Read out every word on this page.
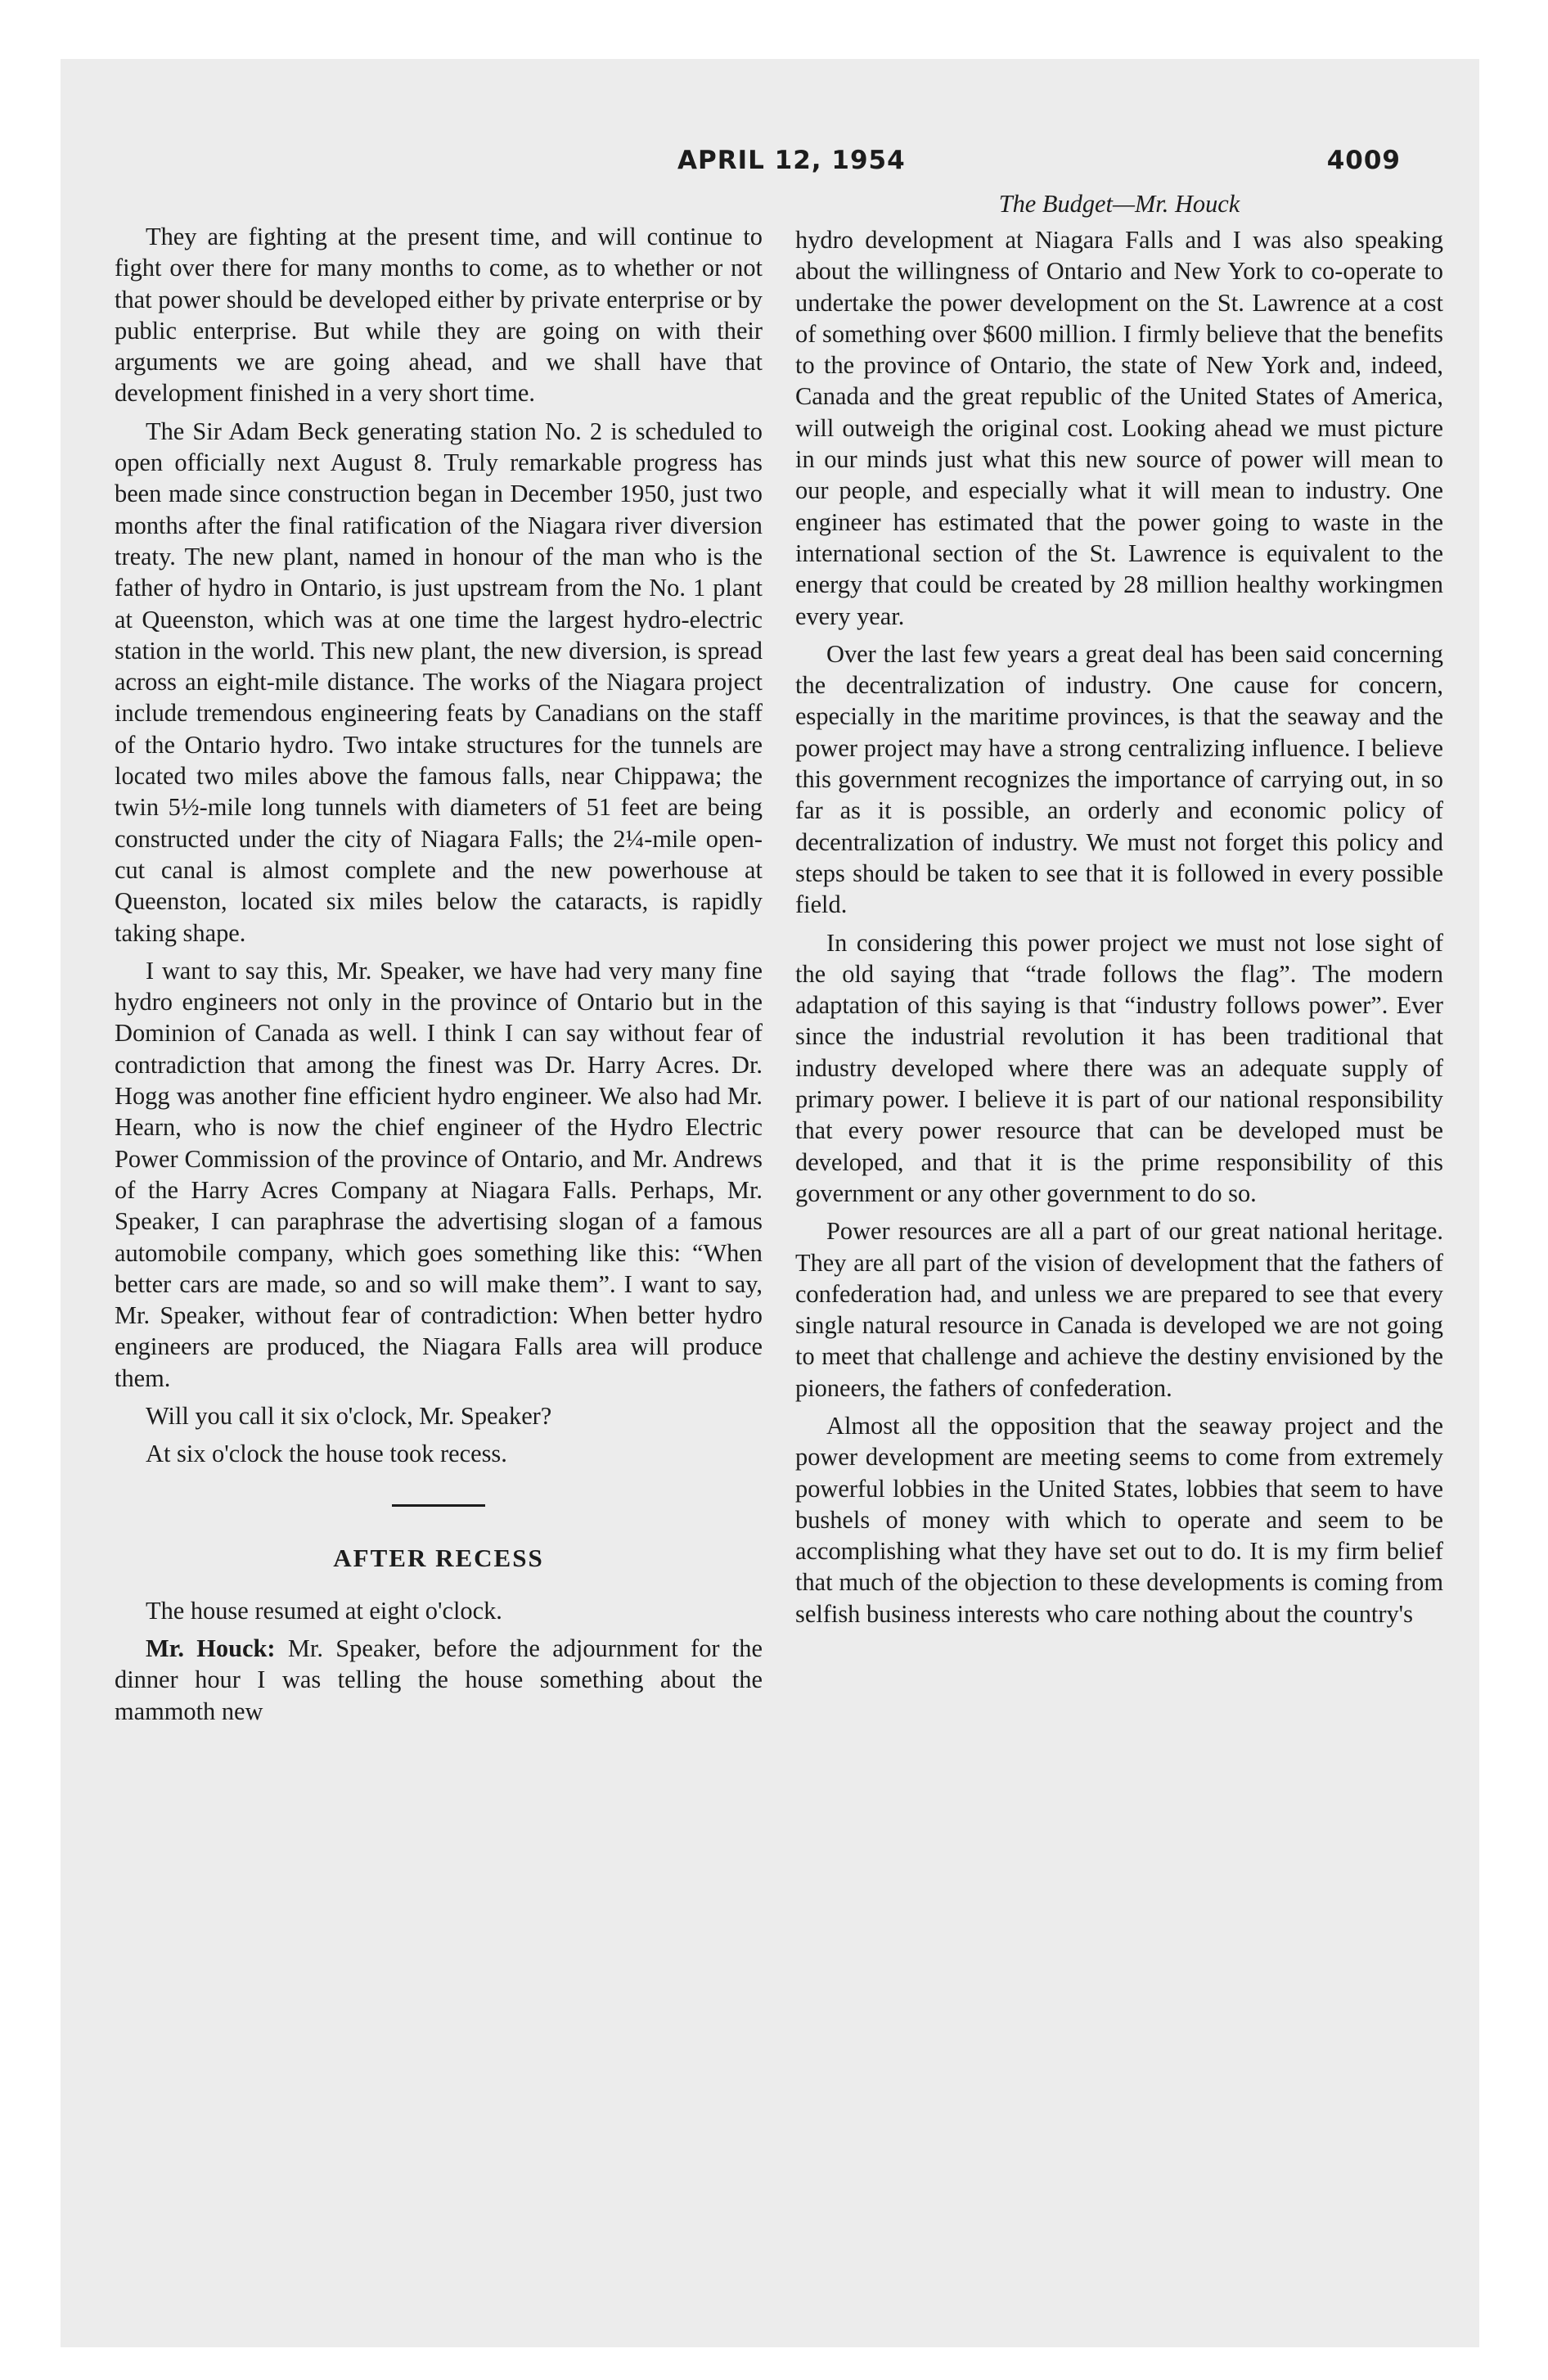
APRIL 12, 1954	4009

They are fighting at the present time, and will continue to fight over there for many months to come, as to whether or not that power should be developed either by private enterprise or by public enterprise. But while they are going on with their arguments we are going ahead, and we shall have that development finished in a very short time.

The Sir Adam Beck generating station No. 2 is scheduled to open officially next August 8. Truly remarkable progress has been made since construction began in December 1950, just two months after the final ratification of the Niagara river diversion treaty. The new plant, named in honour of the man who is the father of hydro in Ontario, is just upstream from the No. 1 plant at Queenston, which was at one time the largest hydro-electric station in the world. This new plant, the new diversion, is spread across an eight-mile distance. The works of the Niagara project include tremendous engineering feats by Canadians on the staff of the Ontario hydro. Two intake structures for the tunnels are located two miles above the famous falls, near Chippawa; the twin 5½-mile long tunnels with diameters of 51 feet are being constructed under the city of Niagara Falls; the 2¼-mile open-cut canal is almost complete and the new powerhouse at Queenston, located six miles below the cataracts, is rapidly taking shape.

I want to say this, Mr. Speaker, we have had very many fine hydro engineers not only in the province of Ontario but in the Dominion of Canada as well. I think I can say without fear of contradiction that among the finest was Dr. Harry Acres. Dr. Hogg was another fine efficient hydro engineer. We also had Mr. Hearn, who is now the chief engineer of the Hydro Electric Power Commission of the province of Ontario, and Mr. Andrews of the Harry Acres Company at Niagara Falls. Perhaps, Mr. Speaker, I can paraphrase the advertising slogan of a famous automobile company, which goes something like this: “When better cars are made, so and so will make them”. I want to say, Mr. Speaker, without fear of contradiction: When better hydro engineers are produced, the Niagara Falls area will produce them.

Will you call it six o'clock, Mr. Speaker?

At six o'clock the house took recess.

AFTER RECESS

The house resumed at eight o'clock.

Mr. Houck: Mr. Speaker, before the adjournment for the dinner hour I was telling the house something about the mammoth new

The Budget—Mr. Houck

hydro development at Niagara Falls and I was also speaking about the willingness of Ontario and New York to co-operate to undertake the power development on the St. Lawrence at a cost of something over $600 million. I firmly believe that the benefits to the province of Ontario, the state of New York and, indeed, Canada and the great republic of the United States of America, will outweigh the original cost. Looking ahead we must picture in our minds just what this new source of power will mean to our people, and especially what it will mean to industry. One engineer has estimated that the power going to waste in the international section of the St. Lawrence is equivalent to the energy that could be created by 28 million healthy workingmen every year.

Over the last few years a great deal has been said concerning the decentralization of industry. One cause for concern, especially in the maritime provinces, is that the seaway and the power project may have a strong centralizing influence. I believe this government recognizes the importance of carrying out, in so far as it is possible, an orderly and economic policy of decentralization of industry. We must not forget this policy and steps should be taken to see that it is followed in every possible field.

In considering this power project we must not lose sight of the old saying that “trade follows the flag”. The modern adaptation of this saying is that “industry follows power”. Ever since the industrial revolution it has been traditional that industry developed where there was an adequate supply of primary power. I believe it is part of our national responsibility that every power resource that can be developed must be developed, and that it is the prime responsibility of this government or any other government to do so.

Power resources are all a part of our great national heritage. They are all part of the vision of development that the fathers of confederation had, and unless we are prepared to see that every single natural resource in Canada is developed we are not going to meet that challenge and achieve the destiny envisioned by the pioneers, the fathers of confederation.

Almost all the opposition that the seaway project and the power development are meeting seems to come from extremely powerful lobbies in the United States, lobbies that seem to have bushels of money with which to operate and seem to be accomplishing what they have set out to do. It is my firm belief that much of the objection to these developments is coming from selfish business interests who care nothing about the country's
